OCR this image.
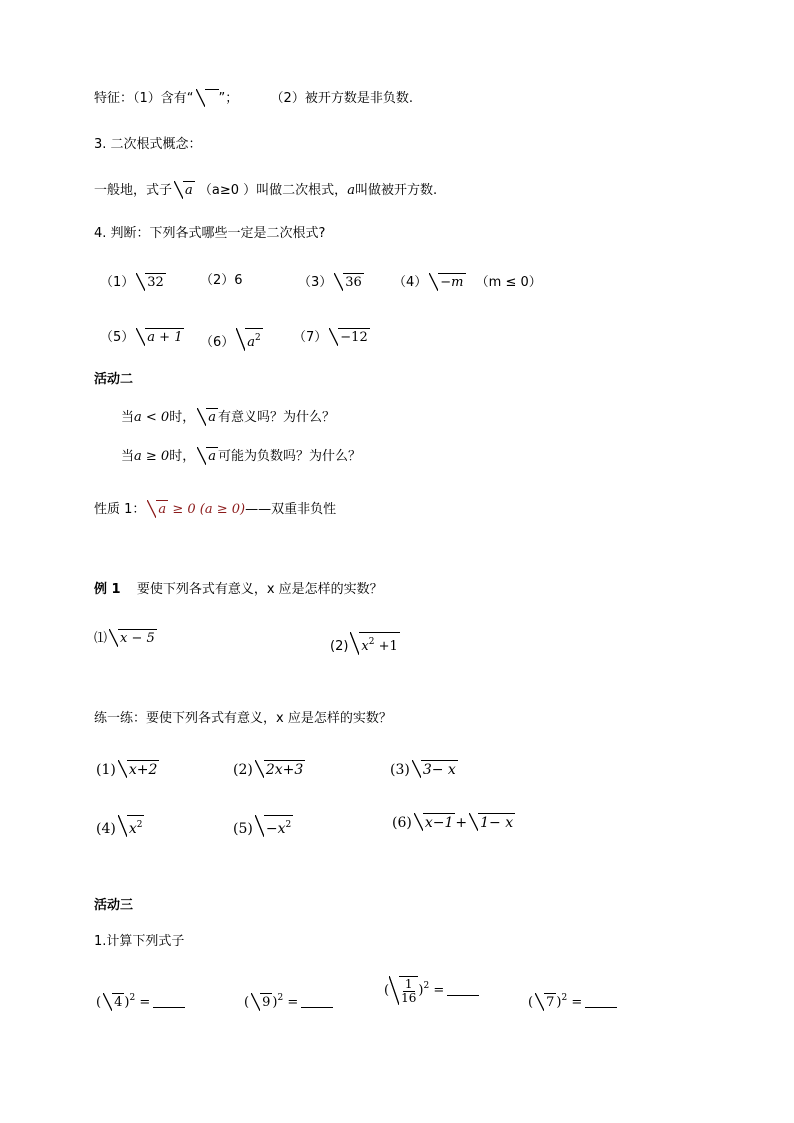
特征：（1）含有“ ”； （2）被开方数是非负数.
3. 二次根式概念：
一般地，式子 a （a≥0 ）叫做二次根式，a叫做被开方数.
4. 判断：下列各式哪些一定是二次根式?
（1） 32	（2）6	（3） 36 （4） −m （m ≤ 0）
（5） a + 1 （6） $a^2$ （7） −12
活动二
当a < 0时， a 有意义吗？为什么？
当a ≥ 0时， a 可能为负数吗？为什么？
性质 1： a ≥ 0 (a ≥ 0)——双重非负性
例 1 要使下列各式有意义，x 应是怎样的实数？
⑴ x − 5
(2) $x^2 +1$
练一练：要使下列各式有意义，x 应是怎样的实数？
(1) x+2	(2) 2x+3	(3) 3− x
(4) $x^2$	$(5) -x^2$	(6) x−1 + 1− x
活动三
1.计算下列式子
( 4 )$^2$ =	( 9 )$^2$ =
( $\frac{1}{16} )^2$ =
( 7 )$^2$ =
